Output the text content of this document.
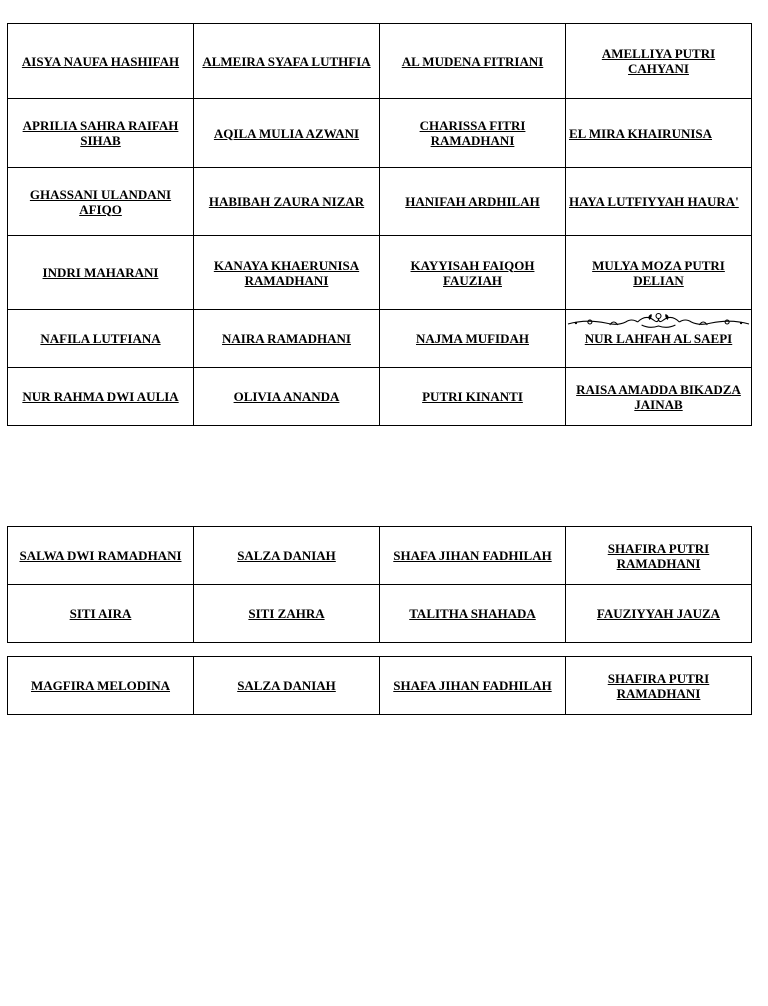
AISYA NAUFA HASHIFAH	ALMEIRA SYAFA LUTHFIA	AL MUDENA FITRIANI	AMELLIYA PUTRI CAHYANI
APRILIA SAHRA RAIFAH SIHAB	AQILA MULIA AZWANI	CHARISSA FITRI RAMADHANI	EL MIRA KHAIRUNISA
GHASSANI ULANDANI AFIQO	HABIBAH ZAURA NIZAR	HANIFAH ARDHILAH	HAYA LUTFIYYAH HAURA'
INDRI MAHARANI	KANAYA KHAERUNISA RAMADHANI	KAYYISAH FAIQOH FAUZIAH	MULYA MOZA PUTRI DELIAN
NAFILA LUTFIANA	NAIRA RAMADHANI	NAJMA MUFIDAH	NUR LAHFAH AL SAEPI
NUR RAHMA DWI AULIA	OLIVIA ANANDA	PUTRI KINANTI	RAISA AMADDA BIKADZA JAINAB
SALWA DWI RAMADHANI	SALZA DANIAH	SHAFA JIHAN FADHILAH	SHAFIRA PUTRI RAMADHANI
SITI AIRA	SITI ZAHRA	TALITHA SHAHADA	FAUZIYYAH JAUZA
MAGFIRA MELODINA	SALZA DANIAH	SHAFA JIHAN FADHILAH	SHAFIRA PUTRI RAMADHANI
